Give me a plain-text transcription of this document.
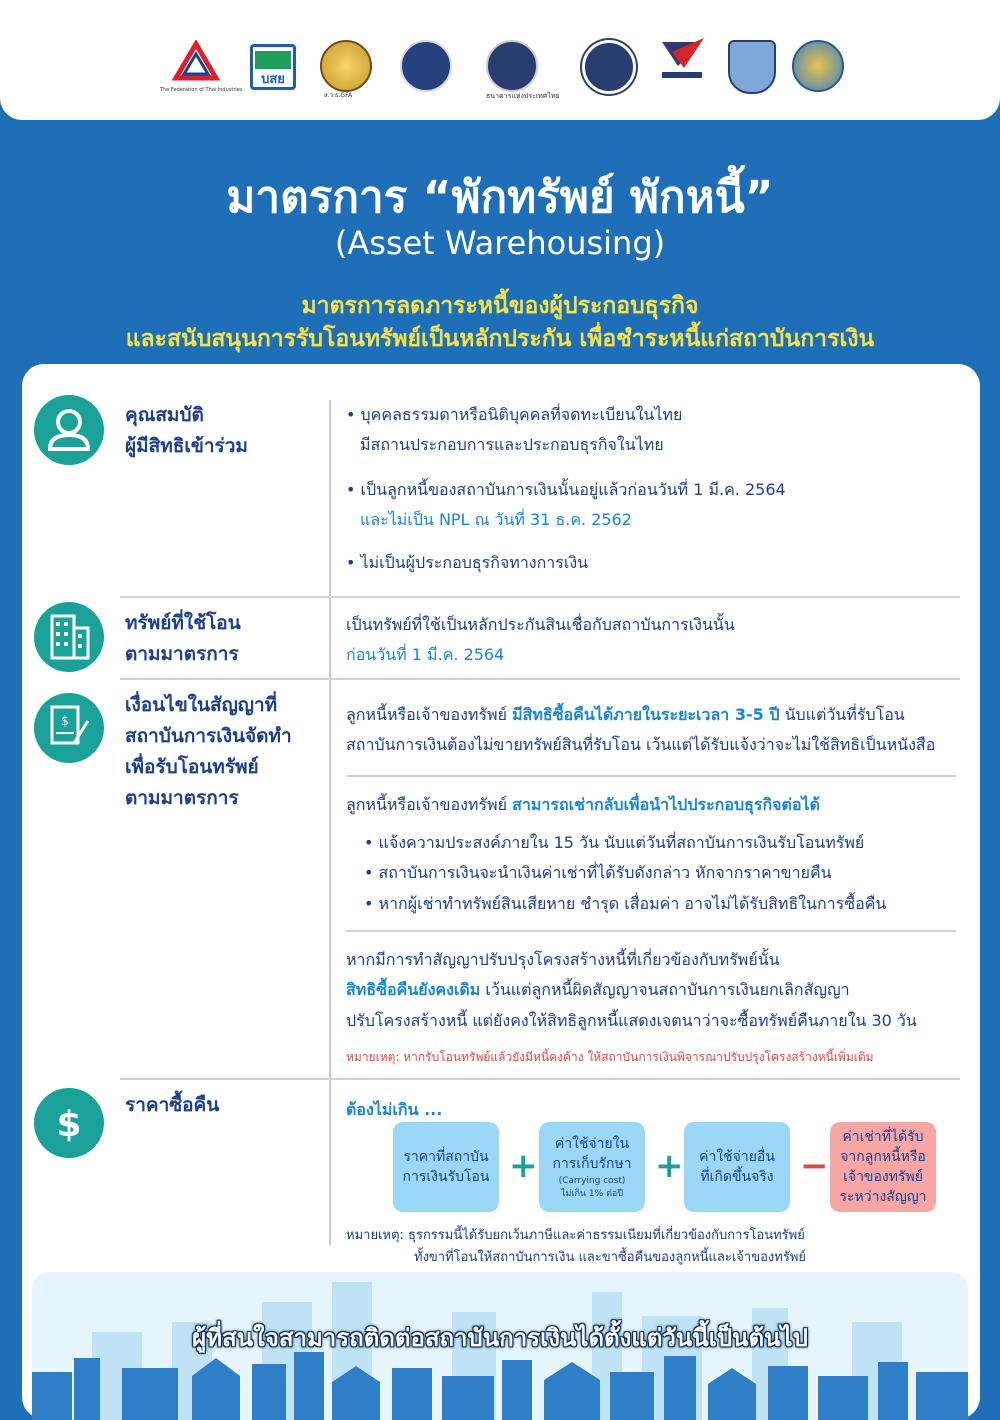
The Federation of Thai Industries
บสย
ส.ว.ธ.GFA	ธนาคารแห่งประเทศไทย
มาตรการ “พักทรัพย์ พักหนี้”
(Asset Warehousing)
มาตรการลดภาระหนี้ของผู้ประกอบธุรกิจ
และสนับสนุนการรับโอนทรัพย์เป็นหลักประกัน เพื่อชำระหนี้แก่สถาบันการเงิน
คุณสมบัติ
ผู้มีสิทธิเข้าร่วม
• บุคคลธรรมดาหรือนิติบุคคลที่จดทะเบียนในไทย
มีสถานประกอบการและประกอบธุรกิจในไทย
• เป็นลูกหนี้ของสถาบันการเงินนั้นอยู่แล้วก่อนวันที่ 1 มี.ค. 2564
และไม่เป็น NPL ณ วันที่ 31 ธ.ค. 2562
• ไม่เป็นผู้ประกอบธุรกิจทางการเงิน
ทรัพย์ที่ใช้โอน
ตามมาตรการ
เป็นทรัพย์ที่ใช้เป็นหลักประกันสินเชื่อกับสถาบันการเงินนั้น
ก่อนวันที่ 1 มี.ค. 2564
$
เงื่อนไขในสัญญาที่
สถาบันการเงินจัดทำ
เพื่อรับโอนทรัพย์
ตามมาตรการ
ลูกหนี้หรือเจ้าของทรัพย์ มีสิทธิซื้อคืนได้ภายในระยะเวลา 3-5 ปี นับแต่วันที่รับโอน
สถาบันการเงินต้องไม่ขายทรัพย์สินที่รับโอน เว้นแต่ได้รับแจ้งว่าจะไม่ใช้สิทธิเป็นหนังสือ
ลูกหนี้หรือเจ้าของทรัพย์ สามารถเช่ากลับเพื่อนำไปประกอบธุรกิจต่อได้
• แจ้งความประสงค์ภายใน 15 วัน นับแต่วันที่สถาบันการเงินรับโอนทรัพย์
• สถาบันการเงินจะนำเงินค่าเช่าที่ได้รับดังกล่าว หักจากราคาขายคืน
• หากผู้เช่าทำทรัพย์สินเสียหาย ชำรุด เสื่อมค่า อาจไม่ได้รับสิทธิในการซื้อคืน
หากมีการทำสัญญาปรับปรุงโครงสร้างหนี้ที่เกี่ยวข้องกับทรัพย์นั้น
สิทธิซื้อคืนยังคงเดิม เว้นแต่ลูกหนี้ผิดสัญญาจนสถาบันการเงินยกเลิกสัญญา
ปรับโครงสร้างหนี้ แต่ยังคงให้สิทธิลูกหนี้แสดงเจตนาว่าจะซื้อทรัพย์คืนภายใน 30 วัน
หมายเหตุ: หากรับโอนทรัพย์แล้วยังมีหนี้คงค้าง ให้สถาบันการเงินพิจารณาปรับปรุงโครงสร้างหนี้เพิ่มเติม
$ ราคาซื้อคืน	ต้องไม่เกิน ...
ราคาที่สถาบัน
การเงินรับโอน +
ค่าใช้จ่ายใน
การเก็บรักษา
(Carrying cost)
ไม่เกิน 1% ต่อปี
+ ค่าใช้จ่ายอื่น
ที่เกิดขึ้นจริง −
ค่าเช่าที่ได้รับ
จากลูกหนี้หรือ
เจ้าของทรัพย์
ระหว่างสัญญา
หมายเหตุ: ธุรกรรมนี้ได้รับยกเว้นภาษีและค่าธรรมเนียมที่เกี่ยวข้องกับการโอนทรัพย์
ทั้งขาที่โอนให้สถาบันการเงิน และขาซื้อคืนของลูกหนี้และเจ้าของทรัพย์
ผู้ที่สนใจสามารถติดต่อสถาบันการเงินได้ตั้งแต่วันนี้เป็นต้นไป
